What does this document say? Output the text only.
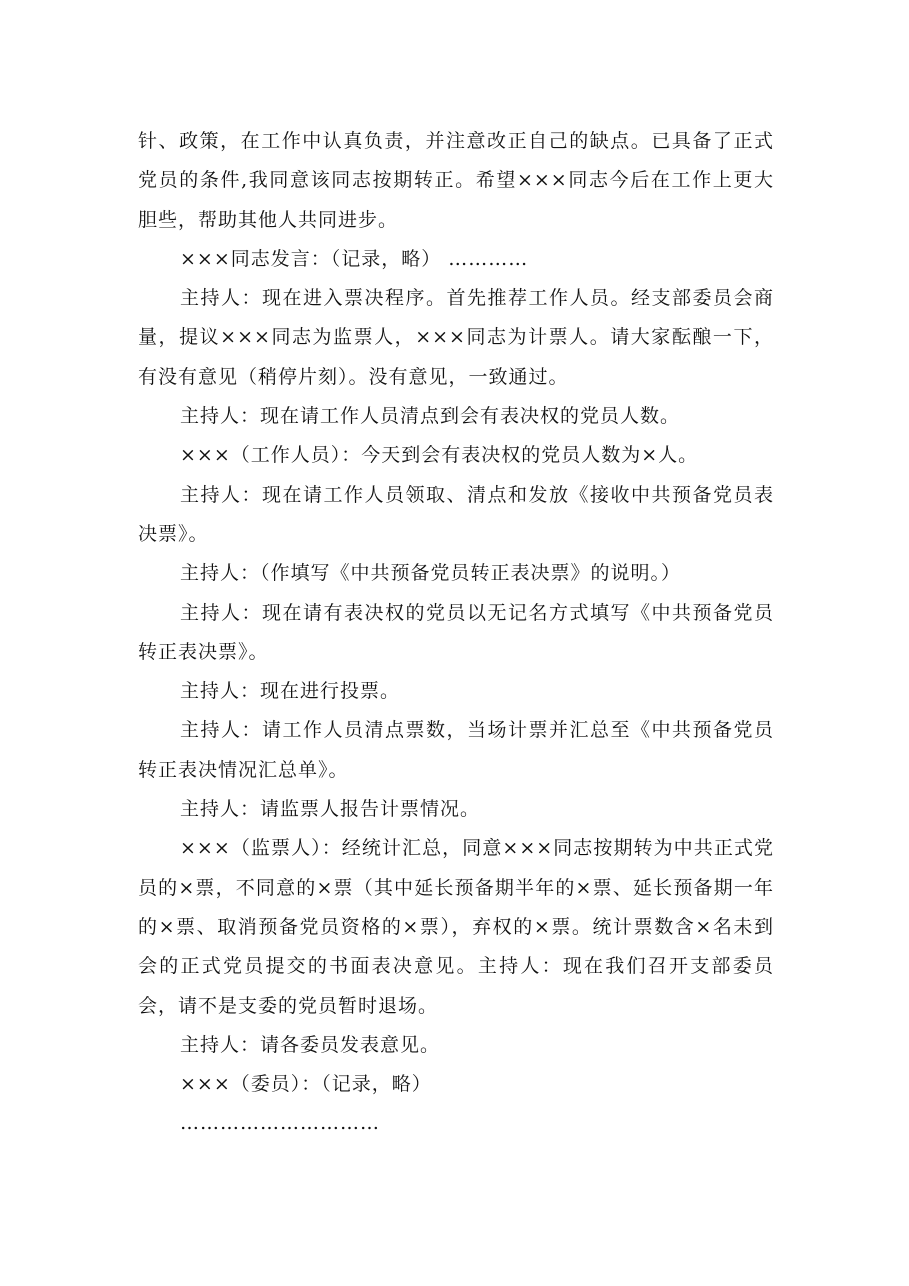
针、政策，在工作中认真负责，并注意改正自己的缺点。已具备了正式党员的条件,我同意该同志按期转正。希望×××同志今后在工作上更大胆些，帮助其他人共同进步。

×××同志发言：（记录，略） …………

主持人：现在进入票决程序。首先推荐工作人员。经支部委员会商量，提议×××同志为监票人，×××同志为计票人。请大家酝酿一下，有没有意见（稍停片刻）。没有意见，一致通过。

主持人：现在请工作人员清点到会有表决权的党员人数。

×××（工作人员）：今天到会有表决权的党员人数为×人。

主持人：现在请工作人员领取、清点和发放《接收中共预备党员表决票》。

主持人：（作填写《中共预备党员转正表决票》的说明。）

主持人：现在请有表决权的党员以无记名方式填写《中共预备党员转正表决票》。

主持人：现在进行投票。

主持人：请工作人员清点票数，当场计票并汇总至《中共预备党员转正表决情况汇总单》。

主持人：请监票人报告计票情况。

×××（监票人）：经统计汇总，同意×××同志按期转为中共正式党员的×票，不同意的×票（其中延长预备期半年的×票、延长预备期一年的×票、取消预备党员资格的×票），弃权的×票。统计票数含×名未到会的正式党员提交的书面表决意见。主持人：现在我们召开支部委员会，请不是支委的党员暂时退场。

主持人：请各委员发表意见。

×××（委员）：（记录，略）

…………………………
